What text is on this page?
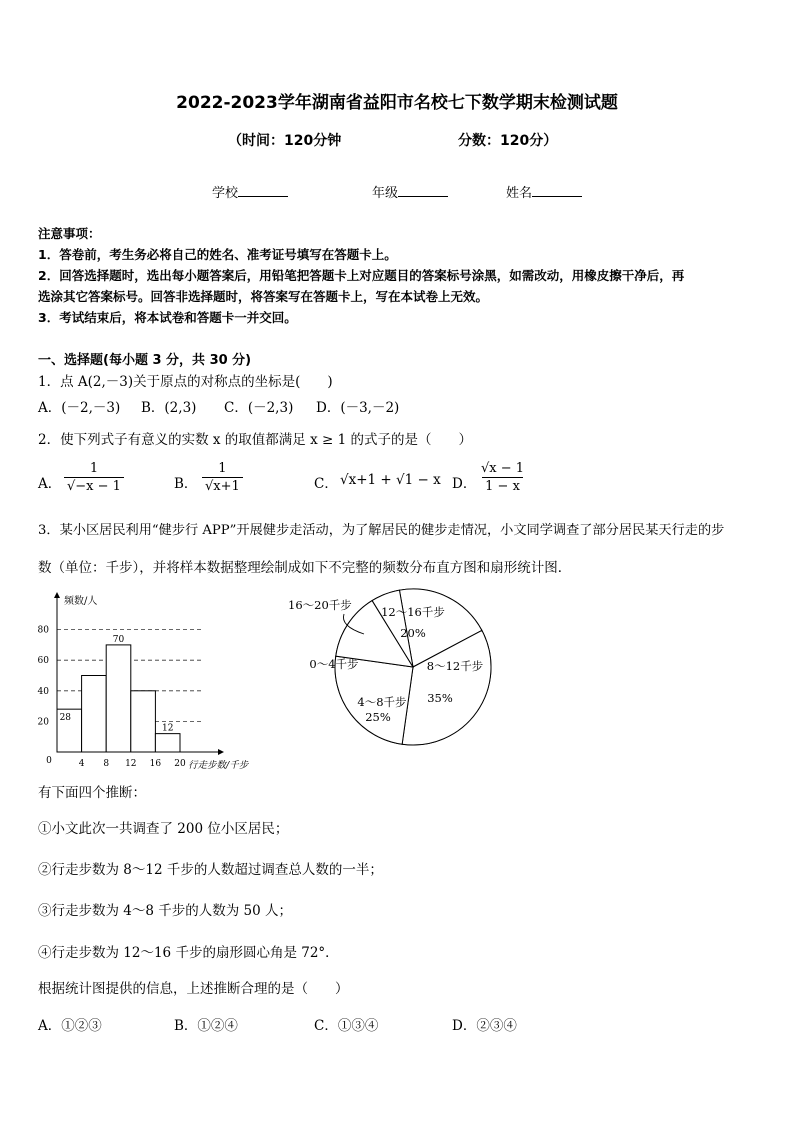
2022-2023学年湖南省益阳市名校七下数学期末检测试题
（时间：120分钟	分数：120分）
学校	年级	姓名
注意事项：
1．答卷前，考生务必将自己的姓名、准考证号填写在答题卡上。
2．回答选择题时，选出每小题答案后，用铅笔把答题卡上对应题目的答案标号涂黑，如需改动，用橡皮擦干净后，再
选涂其它答案标号。回答非选择题时，将答案写在答题卡上，写在本试卷上无效。
3．考试结束后，将本试卷和答题卡一并交回。
一、选择题(每小题 3 分，共 30 分)
1．点 A(2,－3)关于原点的对称点的坐标是(　　)
A．(－2,－3) B．(2,3) C．(－2,3) D．(－3,－2)
2．使下列式子有意义的实数 x 的取值都满足 x ≥ 1 的式子的是（　　）
A． $\frac{1}{√-x - 1}$	B． $\frac{1}{√x+1}$	C． √x+1 + √1 − x D． $\frac{√x - 1}{1 - x}$
3．某小区居民利用“健步行 APP”开展健步走活动，为了解居民的健步走情况，小文同学调查了部分居民某天行走的步
数（单位：千步），并将样本数据整理绘制成如下不完整的频数分布直方图和扇形统计图．
20
40
60
80
28
70
12
0	4 8 12 16 20
频数/人
行走步数/千步
12～16千步
20%
8～12千步
35%
4～8千步
25%
0～4千步
16～20千步
有下面四个推断：
①小文此次一共调查了 200 位小区居民；
②行走步数为 8～12 千步的人数超过调查总人数的一半；
③行走步数为 4～8 千步的人数为 50 人；
④行走步数为 12～16 千步的扇形圆心角是 72°．
根据统计图提供的信息，上述推断合理的是（　　）
A．①②③	B．①②④	C．①③④	D．②③④
